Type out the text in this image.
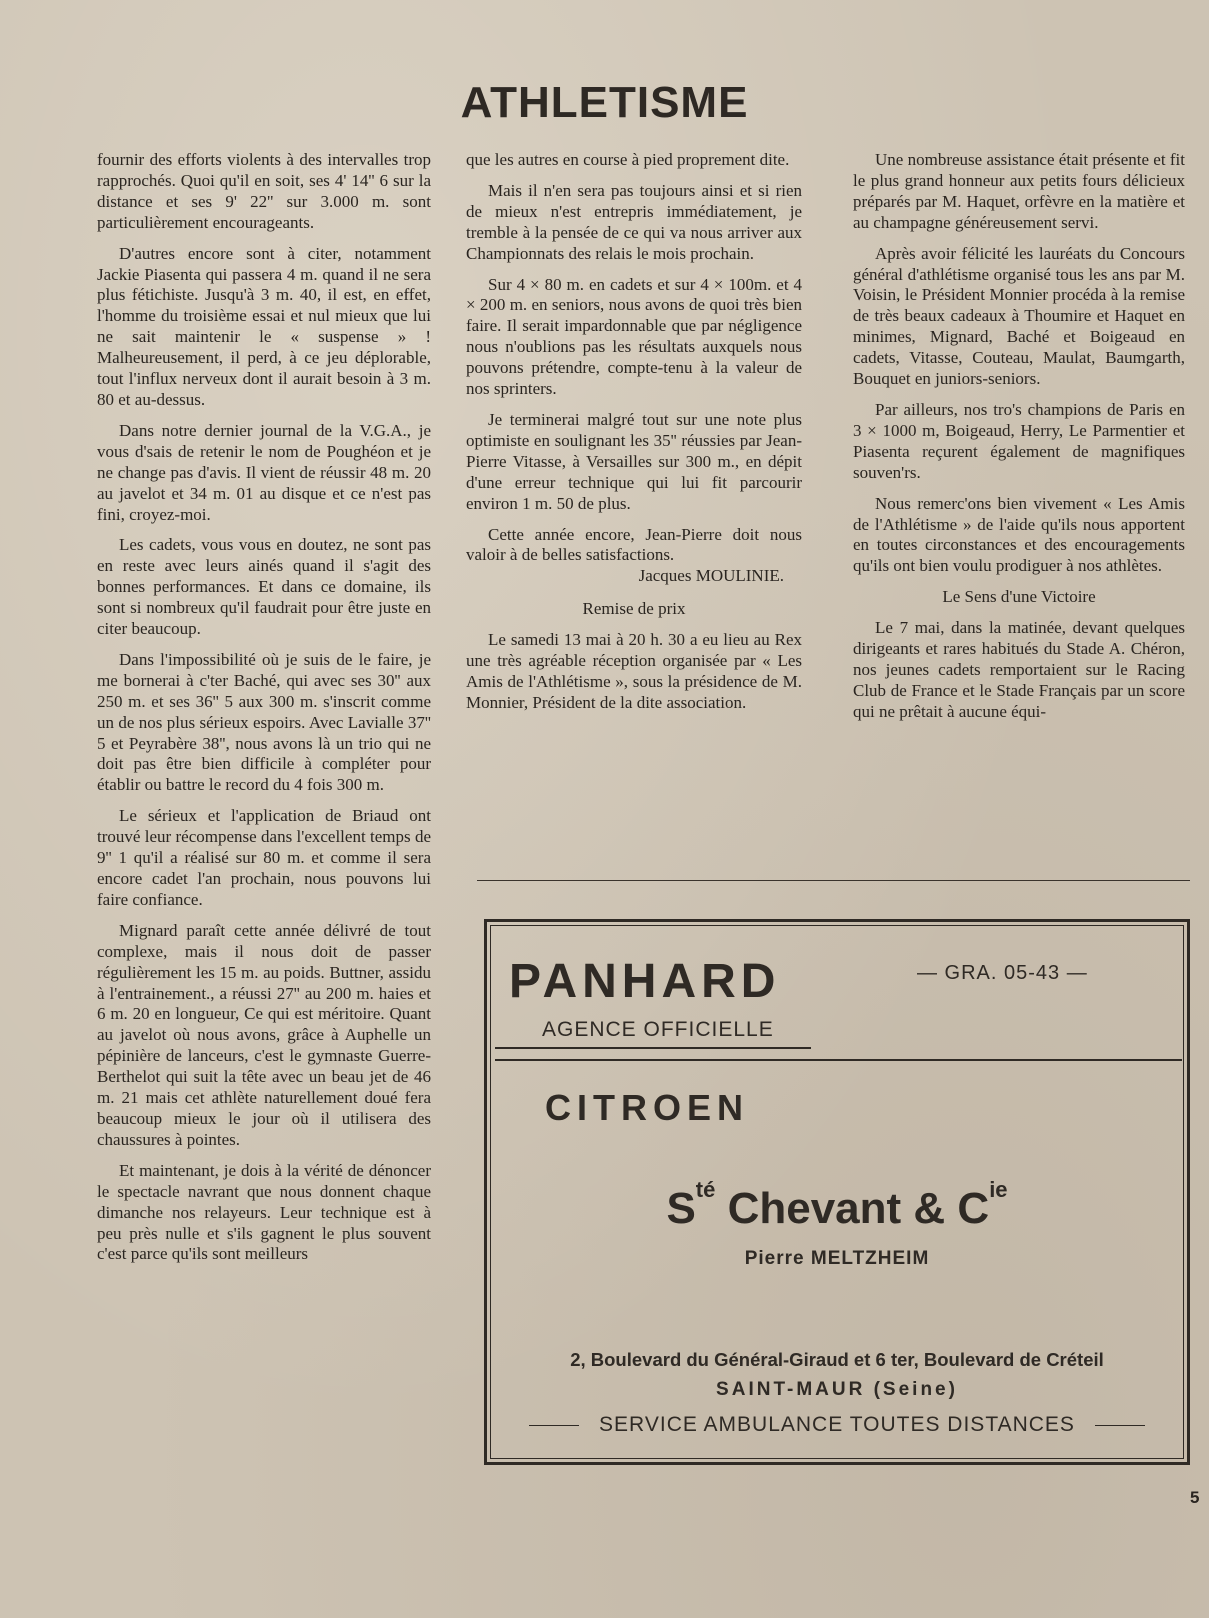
ATHLETISME

fournir des efforts violents à des intervalles trop rapprochés. Quoi qu'il en soit, ses 4' 14'' 6 sur la distance et ses 9' 22'' sur 3.000 m. sont particulièrement encourageants.

D'autres encore sont à citer, notamment Jackie Piasenta qui passera 4 m. quand il ne sera plus fétichiste. Jusqu'à 3 m. 40, il est, en effet, l'homme du troisième essai et nul mieux que lui ne sait maintenir le « suspense » ! Malheureusement, il perd, à ce jeu déplorable, tout l'influx nerveux dont il aurait besoin à 3 m. 80 et au-dessus.

Dans notre dernier journal de la V.G.A., je vous d'sais de retenir le nom de Poughéon et je ne change pas d'avis. Il vient de réussir 48 m. 20 au javelot et 34 m. 01 au disque et ce n'est pas fini, croyez-moi.

Les cadets, vous vous en doutez, ne sont pas en reste avec leurs ainés quand il s'agit des bonnes performances. Et dans ce domaine, ils sont si nombreux qu'il faudrait pour être juste en citer beaucoup.

Dans l'impossibilité où je suis de le faire, je me bornerai à c'ter Baché, qui avec ses 30'' aux 250 m. et ses 36'' 5 aux 300 m. s'inscrit comme un de nos plus sérieux espoirs. Avec Lavialle 37'' 5 et Peyrabère 38'', nous avons là un trio qui ne doit pas être bien difficile à compléter pour établir ou battre le record du 4 fois 300 m.

Le sérieux et l'application de Briaud ont trouvé leur récompense dans l'excellent temps de 9'' 1 qu'il a réalisé sur 80 m. et comme il sera encore cadet l'an prochain, nous pouvons lui faire confiance.

Mignard paraît cette année délivré de tout complexe, mais il nous doit de passer régulièrement les 15 m. au poids. Buttner, assidu à l'entrainement., a réussi 27'' au 200 m. haies et 6 m. 20 en longueur, Ce qui est méritoire. Quant au javelot où nous avons, grâce à Auphelle un pépinière de lanceurs, c'est le gymnaste Guerre-Berthelot qui suit la tête avec un beau jet de 46 m. 21 mais cet athlète naturellement doué fera beaucoup mieux le jour où il utilisera des chaussures à pointes.

Et maintenant, je dois à la vérité de dénoncer le spectacle navrant que nous donnent chaque dimanche nos relayeurs. Leur technique est à peu près nulle et s'ils gagnent le plus souvent c'est parce qu'ils sont meilleurs

que les autres en course à pied proprement dite.

Mais il n'en sera pas toujours ainsi et si rien de mieux n'est entrepris immédiatement, je tremble à la pensée de ce qui va nous arriver aux Championnats des relais le mois prochain.

Sur 4 × 80 m. en cadets et sur 4 × 100m. et 4 × 200 m. en seniors, nous avons de quoi très bien faire. Il serait impardonnable que par négligence nous n'oublions pas les résultats auxquels nous pouvons prétendre, compte-tenu à la valeur de nos sprinters.

Je terminerai malgré tout sur une note plus optimiste en soulignant les 35'' réussies par Jean-Pierre Vitasse, à Versailles sur 300 m., en dépit d'une erreur technique qui lui fit parcourir environ 1 m. 50 de plus.

Cette année encore, Jean-Pierre doit nous valoir à de belles satisfactions.

Jacques MOULINIE.
Remise de prix

Le samedi 13 mai à 20 h. 30 a eu lieu au Rex une très agréable réception organisée par « Les Amis de l'Athlétisme », sous la présidence de M. Monnier, Président de la dite association.

Une nombreuse assistance était présente et fit le plus grand honneur aux petits fours délicieux préparés par M. Haquet, orfèvre en la matière et au champagne généreusement servi.

Après avoir félicité les lauréats du Concours général d'athlétisme organisé tous les ans par M. Voisin, le Président Monnier procéda à la remise de très beaux cadeaux à Thoumire et Haquet en minimes, Mignard, Baché et Boigeaud en cadets, Vitasse, Couteau, Maulat, Baumgarth, Bouquet en juniors-seniors.

Par ailleurs, nos tro's champions de Paris en 3 × 1000 m, Boigeaud, Herry, Le Parmentier et Piasenta reçurent également de magnifiques souven'rs.

Nous remerc'ons bien vivement « Les Amis de l'Athlétisme » de l'aide qu'ils nous apportent en toutes circonstances et des encouragements qu'ils ont bien voulu prodiguer à nos athlètes.

Le Sens d'une Victoire

Le 7 mai, dans la matinée, devant quelques dirigeants et rares habitués du Stade A. Chéron, nos jeunes cadets remportaient sur le Racing Club de France et le Stade Français par un score qui ne prêtait à aucune équi-

PANHARD
AGENCE OFFICIELLE
— GRA. 05-43 —
CITROEN
$S^{té}$ Chevant & $C^{ie}$
Pierre MELTZHEIM
2, Boulevard du Général-Giraud et 6 ter, Boulevard de Créteil
SAINT-MAUR (Seine)
SERVICE AMBULANCE TOUTES DISTANCES
5
